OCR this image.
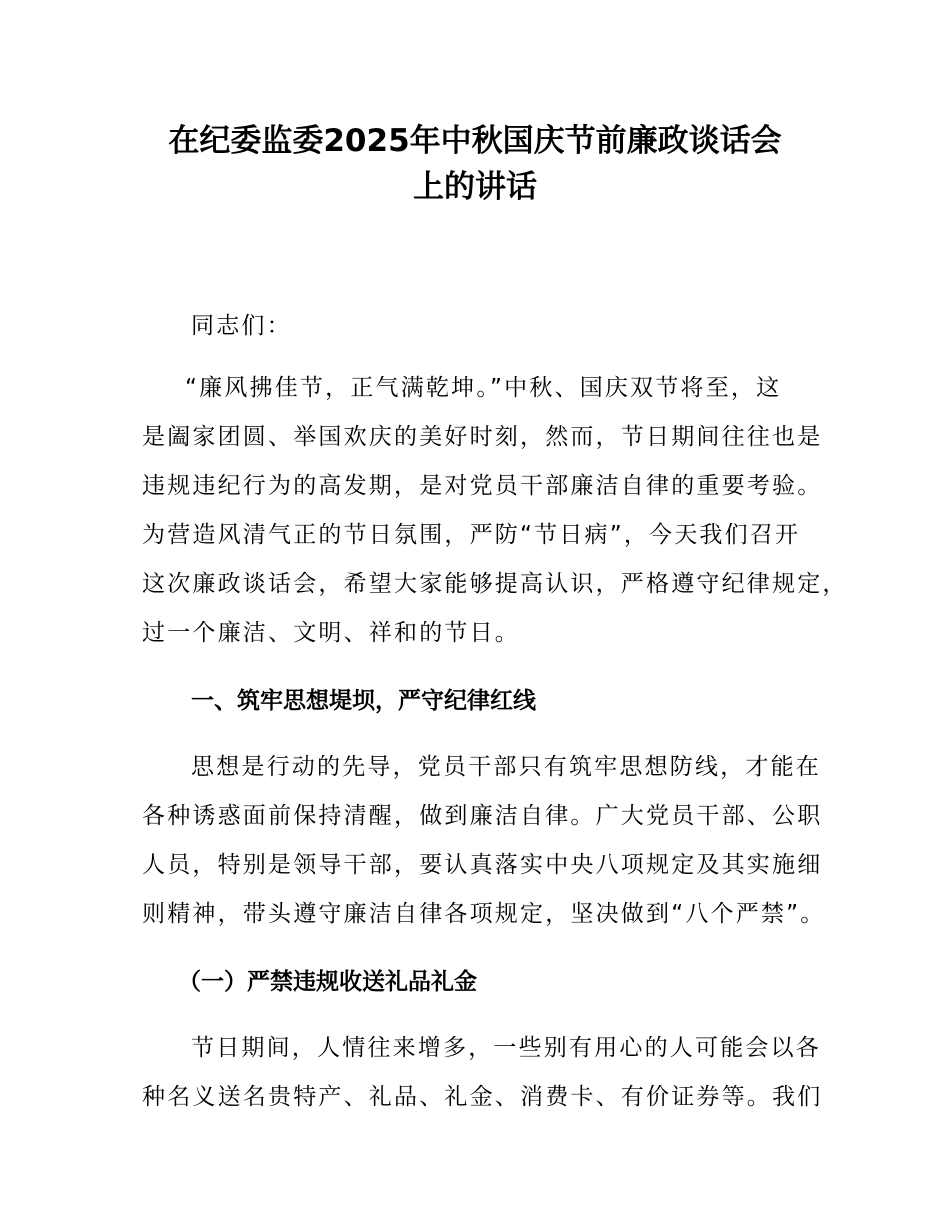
在纪委监委2025年中秋国庆节前廉政谈话会
上的讲话
同志们：
“廉风拂佳节，正气满乾坤。”中秋、国庆双节将至，这
是阖家团圆、举国欢庆的美好时刻，然而，节日期间往往也是
违规违纪行为的高发期，是对党员干部廉洁自律的重要考验。
为营造风清气正的节日氛围，严防“节日病”，今天我们召开
这次廉政谈话会，希望大家能够提高认识，严格遵守纪律规定，
过一个廉洁、文明、祥和的节日。
一、筑牢思想堤坝，严守纪律红线
思想是行动的先导，党员干部只有筑牢思想防线，才能在
各种诱惑面前保持清醒，做到廉洁自律。广大党员干部、公职
人员，特别是领导干部，要认真落实中央八项规定及其实施细
则精神，带头遵守廉洁自律各项规定，坚决做到“八个严禁”。
（一）严禁违规收送礼品礼金
节日期间，人情往来增多，一些别有用心的人可能会以各
种名义送名贵特产、礼品、礼金、消费卡、有价证券等。我们
